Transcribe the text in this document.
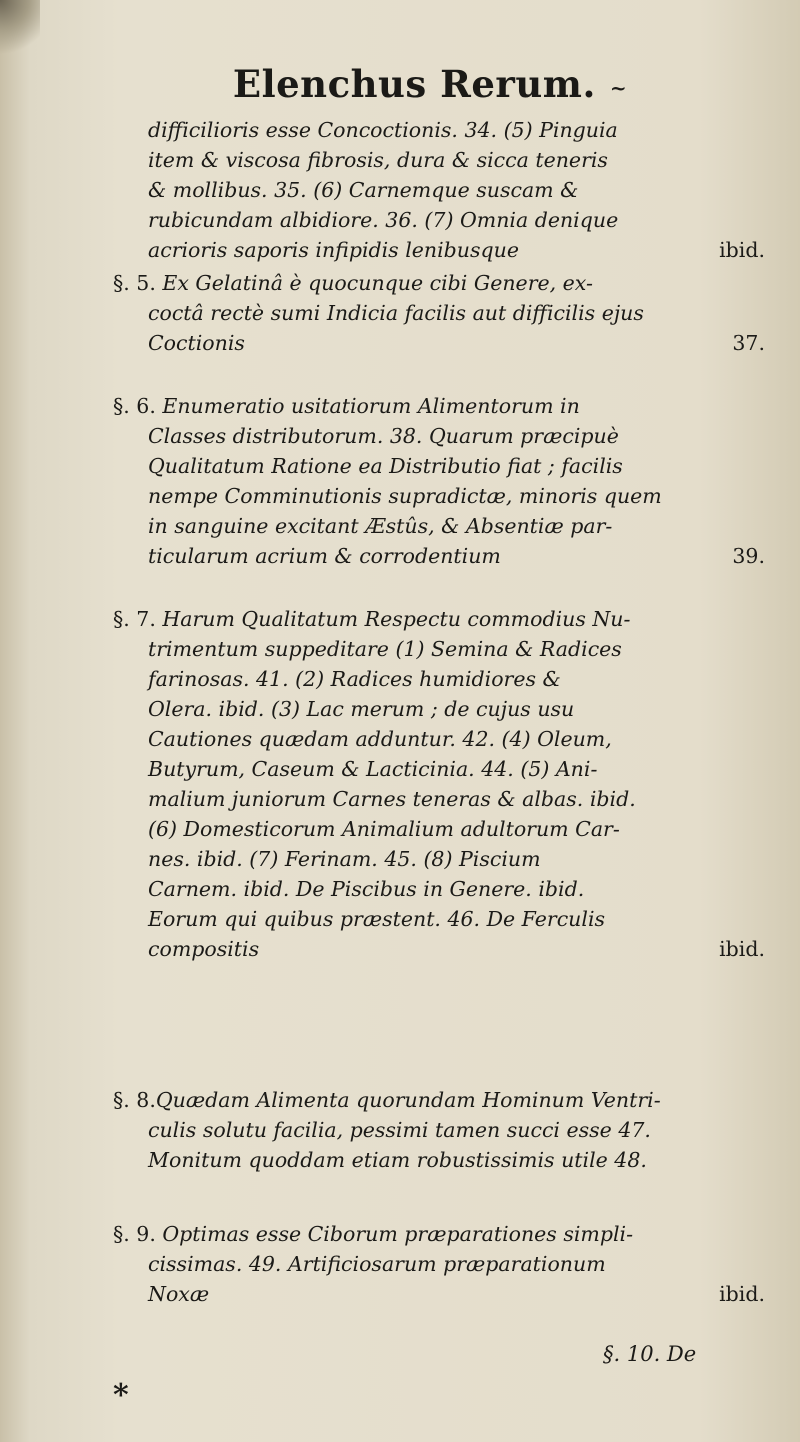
Elenchus Rerum. ~
difficilioris esse Concoctionis. 34. (5) Pinguia
item & viscosa fibrosis, dura & sicca teneris
& mollibus. 35. (6) Carnemque suscam &
rubicundam albidiore. 36. (7) Omnia denique
acrioris saporis infipidis lenibusque	ibid.
§. 5. Ex Gelatinâ è quocunque cibi Genere, ex-
coctâ rectè sumi Indicia facilis aut difficilis ejus
Coctionis	37.
§. 6. Enumeratio usitatiorum Alimentorum in
Classes distributorum. 38. Quarum præcipuè
Qualitatum Ratione ea Distributio fiat ; facilis
nempe Comminutionis supradictæ, minoris quem
in sanguine excitant Æstûs, & Absentiæ par-
ticularum acrium & corrodentium	39.
§. 7. Harum Qualitatum Respectu commodius Nu-
trimentum suppeditare (1) Semina & Radices
farinosas. 41. (2) Radices humidiores &
Olera. ibid. (3) Lac merum ; de cujus usu
Cautiones quædam adduntur. 42. (4) Oleum,
Butyrum, Caseum & Lacticinia. 44. (5) Ani-
malium juniorum Carnes teneras & albas. ibid.
(6) Domesticorum Animalium adultorum Car-
nes. ibid. (7) Ferinam. 45. (8) Piscium
Carnem. ibid. De Piscibus in Genere. ibid.
Eorum qui quibus præstent. 46. De Ferculis
compositis	ibid.
§. 8.Quædam Alimenta quorundam Hominum Ventri-
culis solutu facilia, pessimi tamen succi esse 47.
Monitum quoddam etiam robustissimis utile 48.
§. 9. Optimas esse Ciborum præparationes simpli-
cissimas. 49. Artificiosarum præparationum
Noxæ	ibid.
§. 10. De
*
